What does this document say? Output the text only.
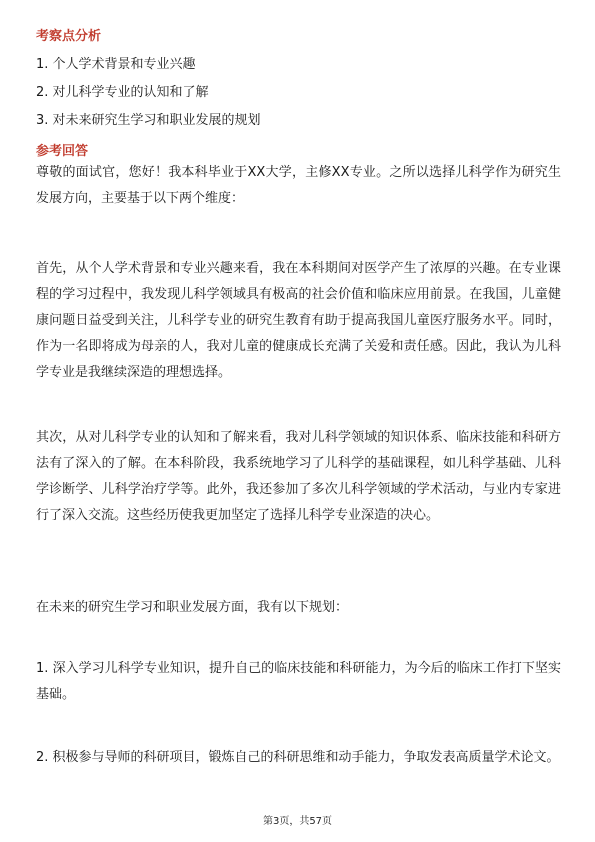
考察点分析
1. 个人学术背景和专业兴趣
2. 对儿科学专业的认知和了解
3. 对未来研究生学习和职业发展的规划
参考回答
尊敬的面试官，您好！我本科毕业于XX大学，主修XX专业。之所以选择儿科学作为研究生发展方向，主要基于以下两个维度：
首先，从个人学术背景和专业兴趣来看，我在本科期间对医学产生了浓厚的兴趣。在专业课程的学习过程中，我发现儿科学领域具有极高的社会价值和临床应用前景。在我国，儿童健康问题日益受到关注，儿科学专业的研究生教育有助于提高我国儿童医疗服务水平。同时，作为一名即将成为母亲的人，我对儿童的健康成长充满了关爱和责任感。因此，我认为儿科学专业是我继续深造的理想选择。
其次，从对儿科学专业的认知和了解来看，我对儿科学领域的知识体系、临床技能和科研方法有了深入的了解。在本科阶段，我系统地学习了儿科学的基础课程，如儿科学基础、儿科学诊断学、儿科学治疗学等。此外，我还参加了多次儿科学领域的学术活动，与业内专家进行了深入交流。这些经历使我更加坚定了选择儿科学专业深造的决心。
在未来的研究生学习和职业发展方面，我有以下规划：
1. 深入学习儿科学专业知识，提升自己的临床技能和科研能力，为今后的临床工作打下坚实基础。
2. 积极参与导师的科研项目，锻炼自己的科研思维和动手能力，争取发表高质量学术论文。
第3页，共57页
